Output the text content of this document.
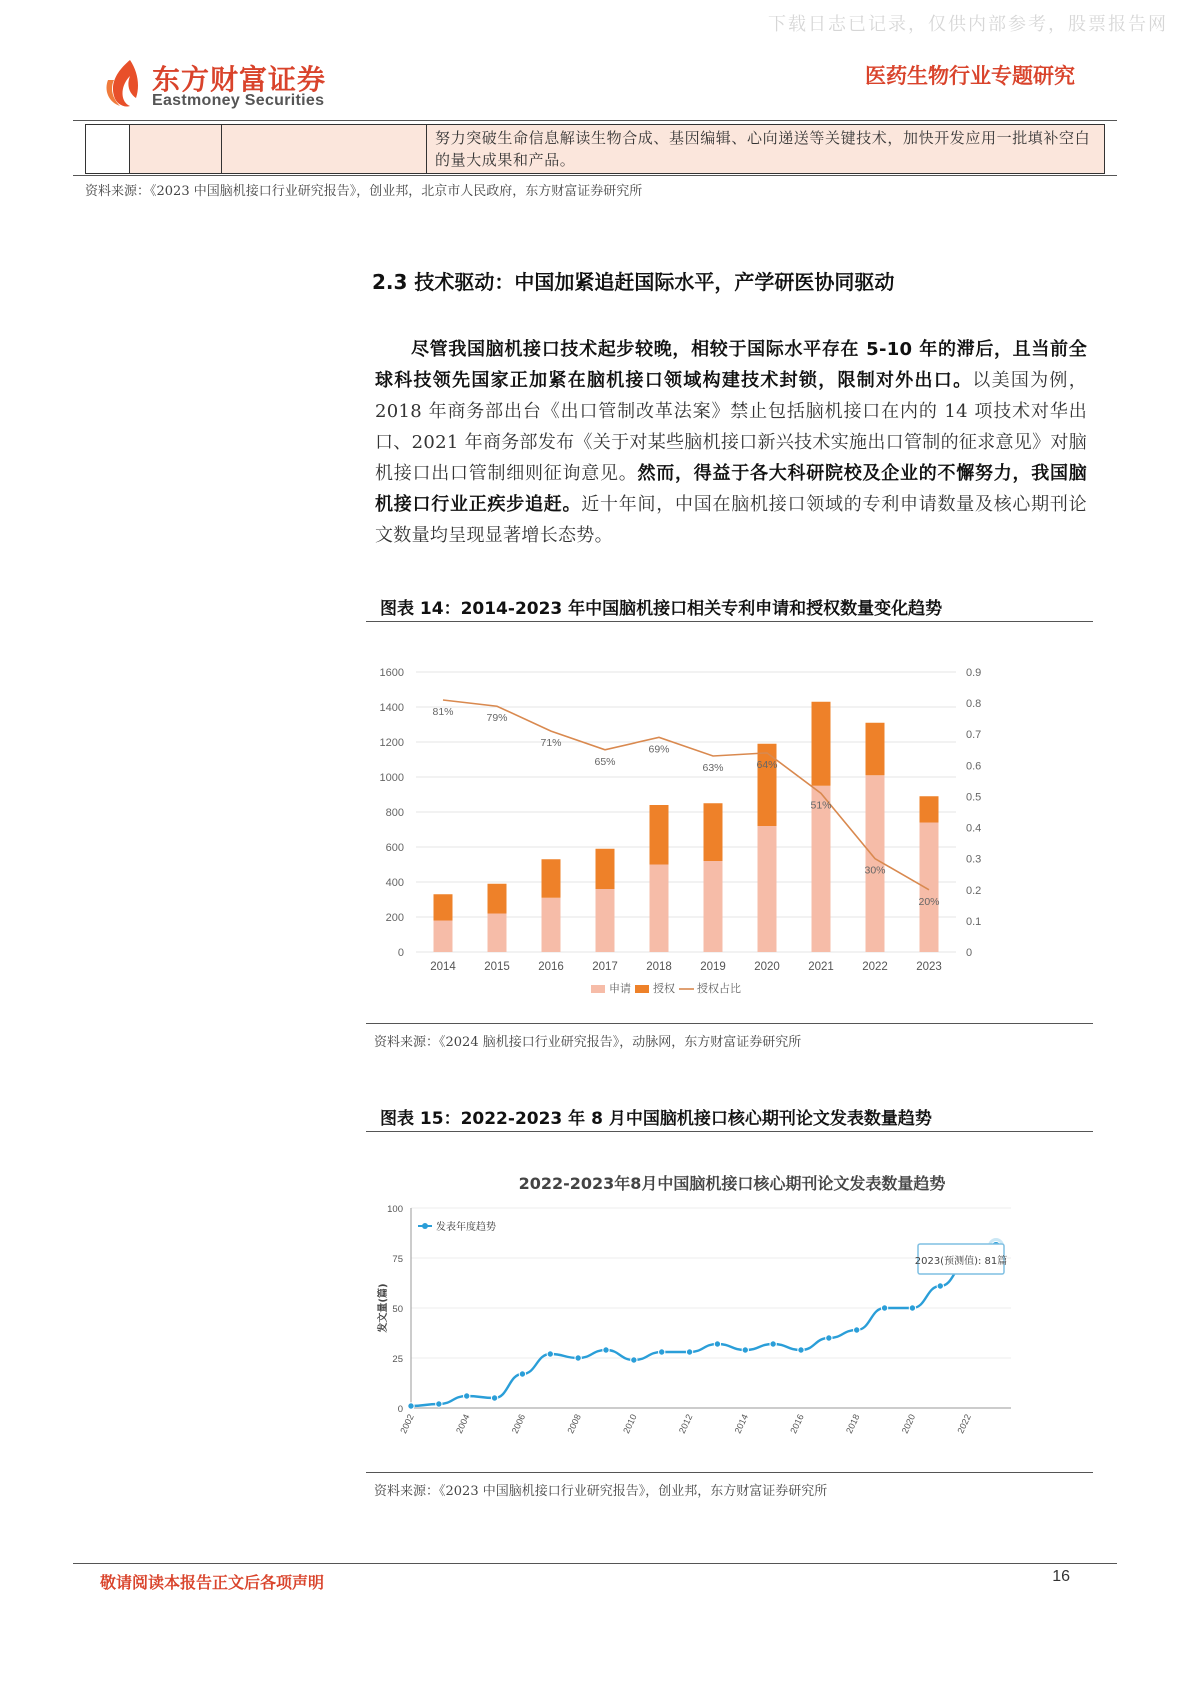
下载日志已记录，仅供内部参考，股票报告网
东方财富证券
Eastmoney Securities
医药生物行业专题研究
			努力突破生命信息解读生物合成、基因编辑、心向递送等关键技术，加快开发应用一批填补空白的量大成果和产品。
资料来源：《2023 中国脑机接口行业研究报告》，创业邦，北京市人民政府，东方财富证券研究所
2.3 技术驱动：中国加紧追赶国际水平，产学研医协同驱动

尽管我国脑机接口技术起步较晚，相较于国际水平存在 5-10 年的滞后，且当前全球科技领先国家正加紧在脑机接口领域构建技术封锁，限制对外出口。以美国为例，2018 年商务部出台《出口管制改革法案》禁止包括脑机接口在内的 14 项技术对华出口、2021 年商务部发布《关于对某些脑机接口新兴技术实施出口管制的征求意见》对脑机接口出口管制细则征询意见。然而，得益于各大科研院校及企业的不懈努力，我国脑机接口行业正疾步追赶。近十年间，中国在脑机接口领域的专利申请数量及核心期刊论文数量均呈现显著增长态势。

图表 14：2014-2023 年中国脑机接口相关专利申请和授权数量变化趋势
0
200
400
600
800
1000
1200
1400
1600
0
0.1
0.2
0.3
0.4
0.5
0.6
0.7
0.8
0.9
2014 2015 2016 2017 2018 2019 2020 2021 2022 2023
81%
79%
71%
65%
69%
63%	64%
51%
30%
20%
申请 授权 授权占比
资料来源：《2024 脑机接口行业研究报告》，动脉网，东方财富证券研究所
图表 15：2022-2023 年 8 月中国脑机接口核心期刊论文发表数量趋势
2022-2023年8月中国脑机接口核心期刊论文发表数量趋势
0
25
50
75
100
发文量(篇)
2002	2004	2006	2008	2010	2012	2014	2016	2018	2020	2022
发表年度趋势
2023(预测值): 81篇
资料来源：《2023 中国脑机接口行业研究报告》，创业邦，东方财富证券研究所
敬请阅读本报告正文后各项声明	16
